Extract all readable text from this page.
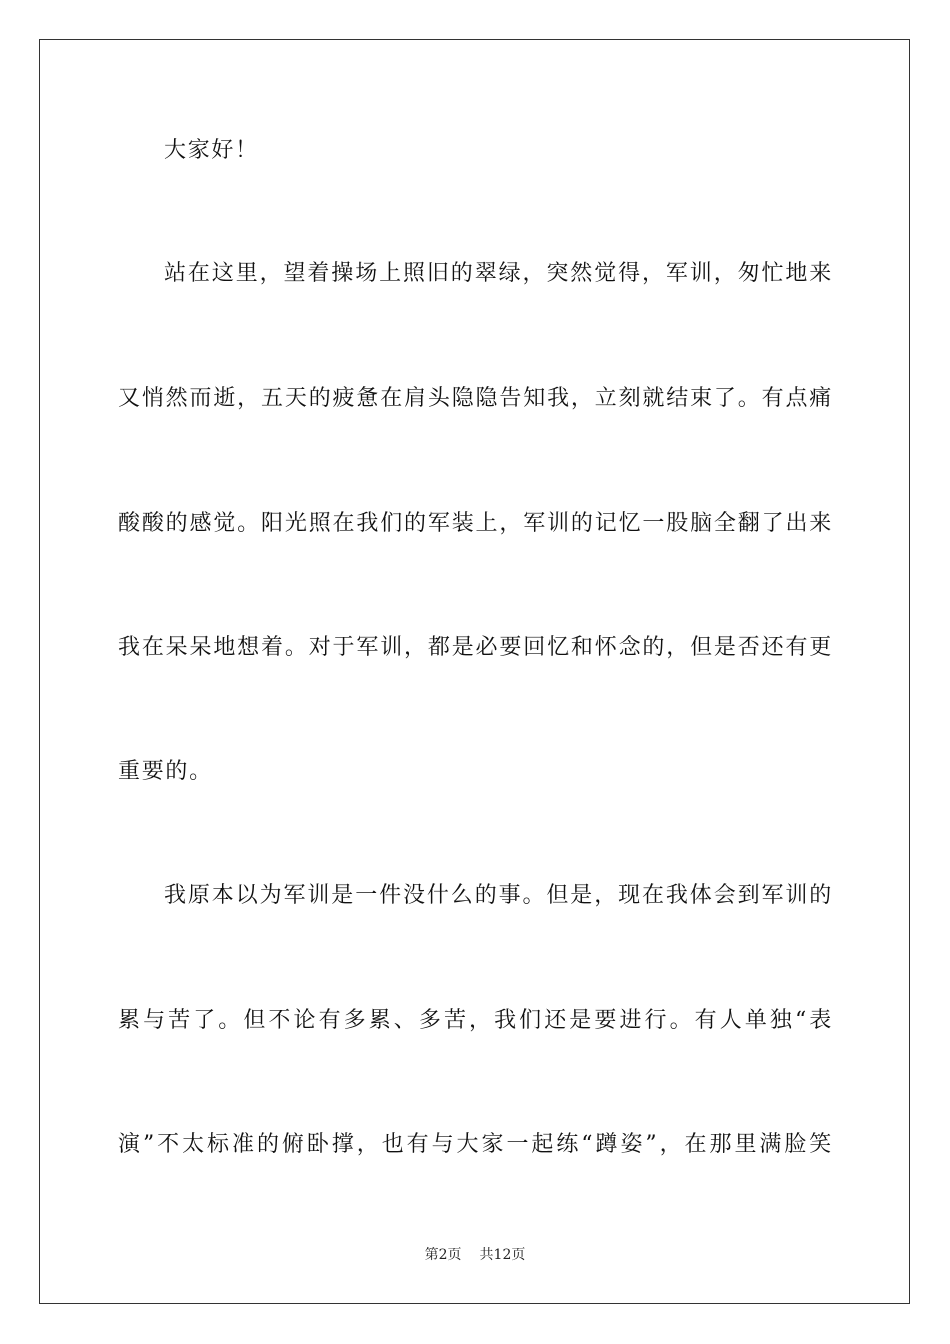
大家好！
站在这里，望着操场上照旧的翠绿，突然觉得，军训，匆忙地来
又悄然而逝，五天的疲惫在肩头隐隐告知我，立刻就结束了。有点痛
酸酸的感觉。阳光照在我们的军装上，军训的记忆一股脑全翻了出来
我在呆呆地想着。对于军训，都是必要回忆和怀念的，但是否还有更
重要的。
我原本以为军训是一件没什么的事。但是，现在我体会到军训的
累与苦了。但不论有多累、多苦，我们还是要进行。有人单独“表
演”不太标准的俯卧撑，也有与大家一起练“蹲姿”，在那里满脸笑
第2页 共12页
